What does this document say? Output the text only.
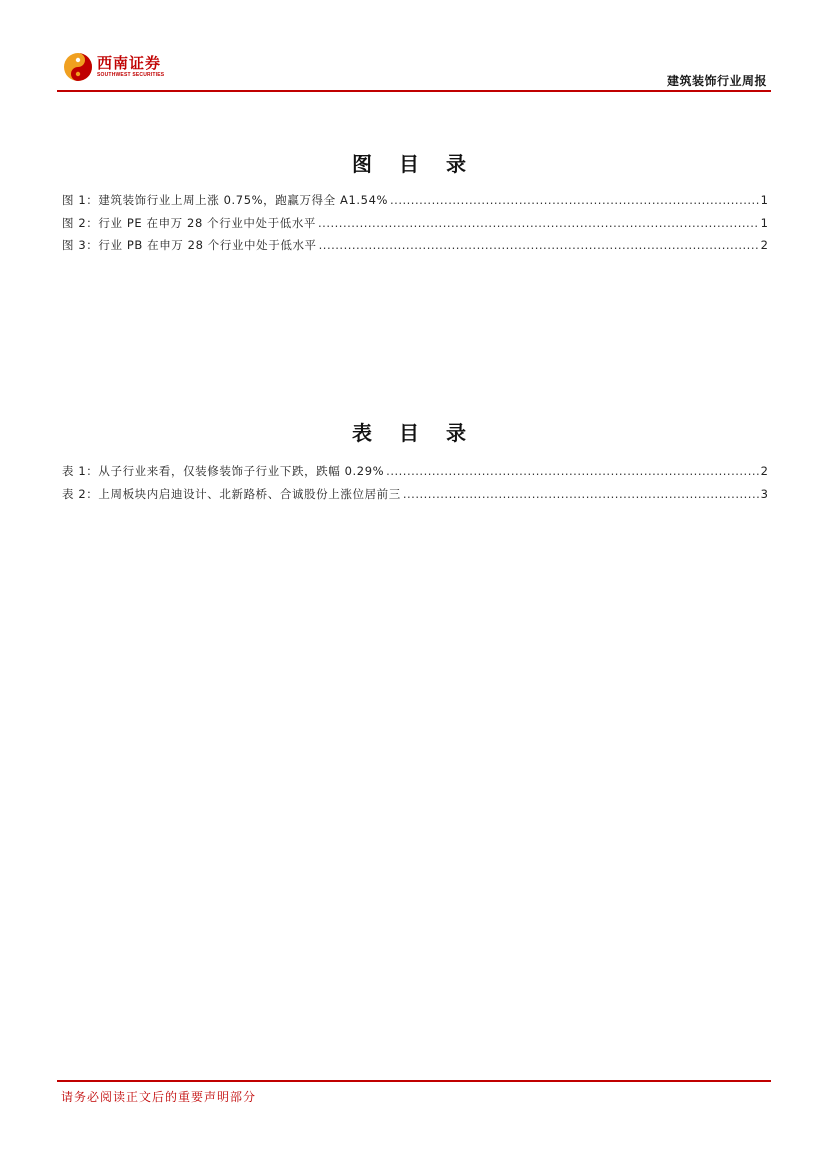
西南证券
SOUTHWEST SECURITIES	建筑装饰行业周报
图 目 录
图 1：建筑装饰行业上周上涨 0.75%，跑赢万得全 A1.54% .....	1
图 2：行业 PE 在申万 28 个行业中处于低水平 .....	1
图 3：行业 PB 在申万 28 个行业中处于低水平 .....	2
表 目 录
表 1：从子行业来看，仅装修装饰子行业下跌，跌幅 0.29% .....	2
表 2：上周板块内启迪设计、北新路桥、合诚股份上涨位居前三 .....	3
请务必阅读正文后的重要声明部分
